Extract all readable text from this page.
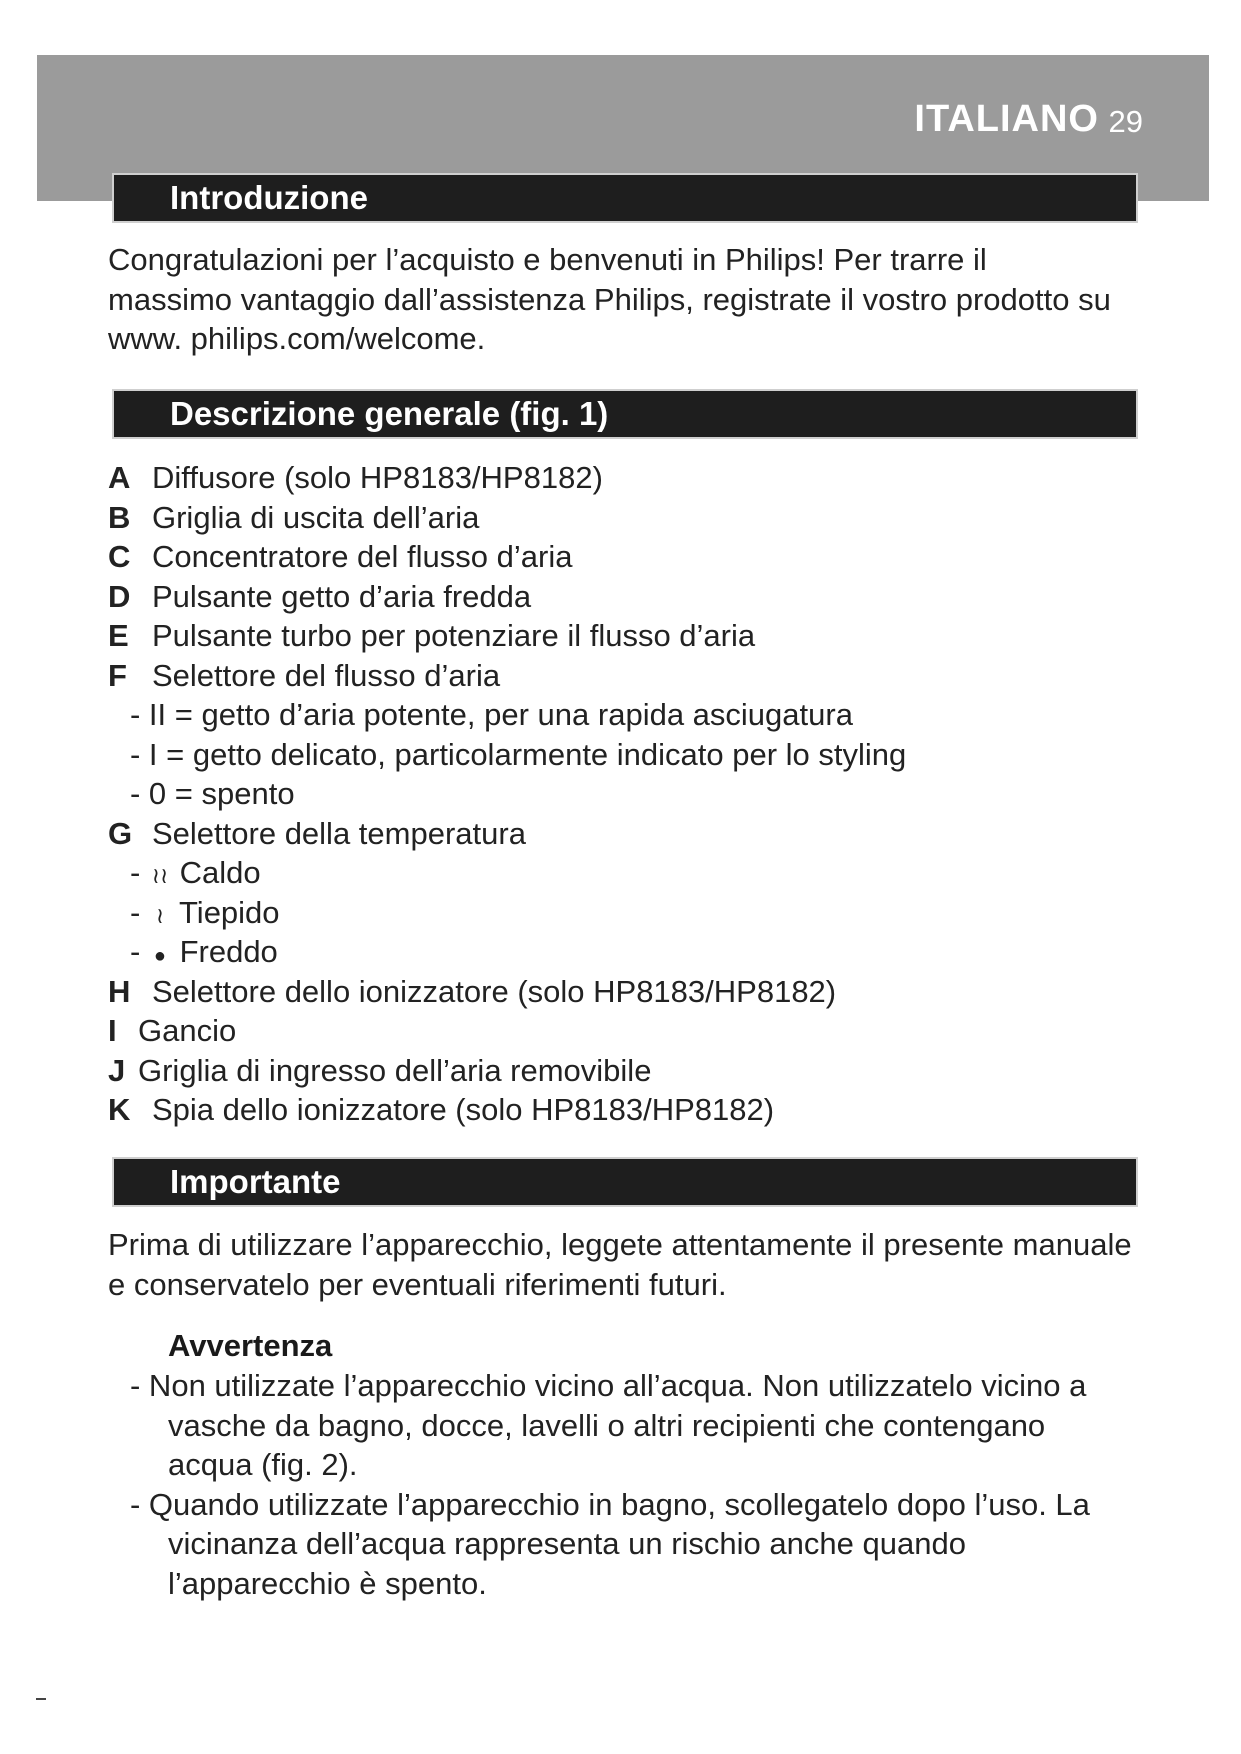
ITALIANO 29
Introduzione
Congratulazioni per l’acquisto e benvenuti in Philips! Per trarre il massimo vantaggio dall’assistenza Philips, registrate il vostro prodotto su www. philips.com/welcome.
Descrizione generale (fig. 1)
A Diffusore (solo HP8183/HP8182)
B Griglia di uscita dell’aria
C Concentratore del flusso d’aria
D Pulsante getto d’aria fredda
E Pulsante turbo per potenziare il flusso d’aria
F Selettore del flusso d’aria
- II = getto d’aria potente, per una rapida asciugatura
- I = getto delicato, particolarmente indicato per lo styling
- 0 = spento
G Selettore della temperatura
- ≀≀ Caldo
- ≀ Tiepido
- ● Freddo
H Selettore dello ionizzatore (solo HP8183/HP8182)
I Gancio
J Griglia di ingresso dell’aria removibile
K Spia dello ionizzatore (solo HP8183/HP8182)
Importante
Prima di utilizzare l’apparecchio, leggete attentamente il presente manuale e conservatelo per eventuali riferimenti futuri.
Avvertenza
- Non utilizzate l’apparecchio vicino all’acqua. Non utilizzatelo vicino a vasche da bagno, docce, lavelli o altri recipienti che contengano acqua (fig. 2).
- Quando utilizzate l’apparecchio in bagno, scollegatelo dopo l’uso. La vicinanza dell’acqua rappresenta un rischio anche quando l’apparecchio è spento.
